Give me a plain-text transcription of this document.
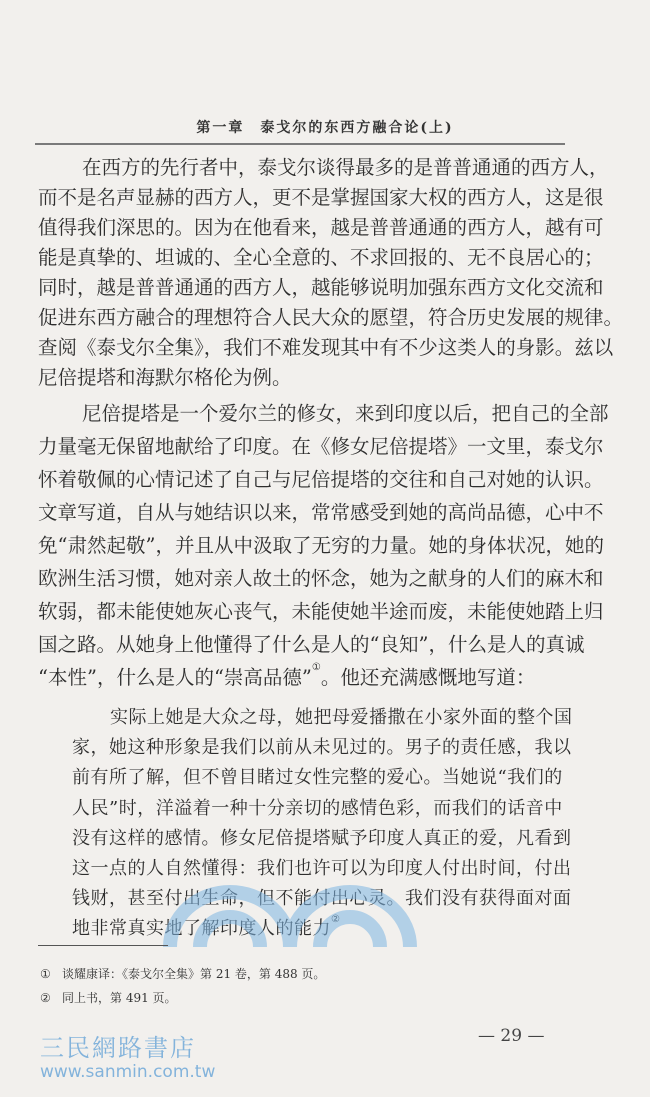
第一章　泰戈尔的东西方融合论(上)
在西方的先行者中，泰戈尔谈得最多的是普普通通的西方人，
而不是名声显赫的西方人，更不是掌握国家大权的西方人，这是很
值得我们深思的。因为在他看来，越是普普通通的西方人，越有可
能是真挚的、坦诚的、全心全意的、不求回报的、无不良居心的；
同时，越是普普通通的西方人，越能够说明加强东西方文化交流和
促进东西方融合的理想符合人民大众的愿望，符合历史发展的规律。
查阅《泰戈尔全集》，我们不难发现其中有不少这类人的身影。兹以
尼倍提塔和海默尔格伦为例。
尼倍提塔是一个爱尔兰的修女，来到印度以后，把自己的全部
力量毫无保留地献给了印度。在《修女尼倍提塔》一文里，泰戈尔
怀着敬佩的心情记述了自己与尼倍提塔的交往和自己对她的认识。
文章写道，自从与她结识以来，常常感受到她的高尚品德，心中不
免“肃然起敬”，并且从中汲取了无穷的力量。她的身体状况，她的
欧洲生活习惯，她对亲人故土的怀念，她为之献身的人们的麻木和
软弱，都未能使她灰心丧气，未能使她半途而废，未能使她踏上归
国之路。从她身上他懂得了什么是人的“良知”，什么是人的真诚
“本性”，什么是人的“崇高品德”①。他还充满感慨地写道：
实际上她是大众之母，她把母爱播撒在小家外面的整个国
家，她这种形象是我们以前从未见过的。男子的责任感，我以
前有所了解，但不曾目睹过女性完整的爱心。当她说“我们的
人民”时，洋溢着一种十分亲切的感情色彩，而我们的话音中
没有这样的感情。修女尼倍提塔赋予印度人真正的爱，凡看到
这一点的人自然懂得：我们也许可以为印度人付出时间，付出
钱财，甚至付出生命，但不能付出心灵。我们没有获得面对面
地非常真实地了解印度人的能力②
① 谈耀康译：《泰戈尔全集》第 21 卷，第 488 页。
② 同上书，第 491 页。
三民網路書店
www.sanmin.com.tw
— 29 —
